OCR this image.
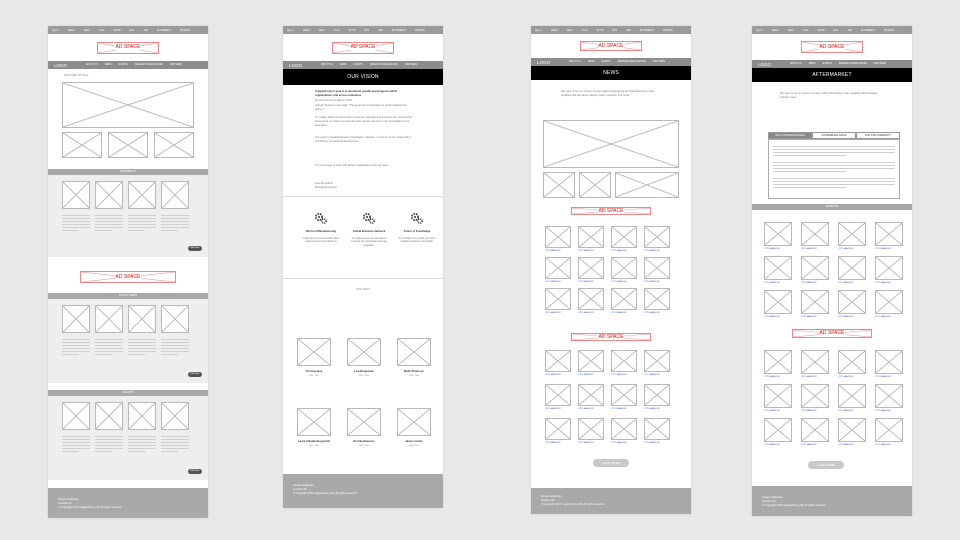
sign in	FREE	SPEC	TALK	SHOP	EVE	JOB	ECOMMENT	PRICING
AD SPACE
LOGO	ABOUT US	NEWS	EVENTS	RESEARCH/RESOURCES	PARTNERS
FEATURED ARTICLE
NEWS/BLOG
VIEW ALL
AD SPACE
LATEST NEWS
VIEW ALL
EVENTS
VIEW ALL
Social media links
Contact info
© Copyright 2019 Copperthorny AB | All rights reserved
sign in	FREE	SPEC	TALK	SHOP	EVE	JOB	ECOMMENT	PRICING
AD SPACE
LOGO	ABOUT US	NEWS	EVENTS	RESEARCH/RESOURCES	PARTNERS
OUR VISION
Copperthorny's goal is to accelerate growth and progress within organisations and across industries.
So how do we actually do that?
Herbert Spencer once said: "The great aim of education is not knowledge but action."
On a daily basis we strive hard to improve, develop and innovate our conferences and events. In order to ensure the best results, we rely on the knowledge of our attendees.
Our event is headquartered in Stockholm, Sweden, in one of our key cities with a rich history of industrial development.
It is a privilege to work with all the organisations that we meet.
Lisa Bergström
Managing Director
OUR TEAM
Social media links
Contact info
© Copyright 2019 Copperthorny AB | All rights reserved
World of Manufacturing
Copperthorny is the specialist within engineering and manufacturing.
Global Business Network
Our global events and specialized meetings give knowledge base and inspiration.
Power of Knowledge
Our ambition is to provide you with a valuable experience and insight.
Thomas Ipsa
CEO, Title
Lisa Bergström
CEO, Title
Malin Petterson
CEO, Title
Laura Claudia Bergström
CEO, Title
Bon Neuhaeuser
CEO, Title
Janne Coulon
CEO, Title
sign in	FREE	SPEC	TALK	SHOP	EVE	JOB	ECOMMENT	PRICING
AD SPACE
LOGO	ABOUT US	NEWS	EVENTS	RESEARCH/RESOURCES	PARTNERS
NEWS
We want to be our source of news within Engineering and Manufacturing. Stay updated with the latest industry news, research and more.
AD SPACE
AD SPACE
LOAD MORE
Social media links
Contact info
© Copyright 2019 Copperthorny AB | All rights reserved
#TITLEARROW	#TITLEARROW	#TITLEARROW	#TITLEARROW
#TITLEARROW	#TITLEARROW	#TITLEARROW	#TITLEARROW
#TITLEARROW	#TITLEARROW	#TITLEARROW	#TITLEARROW
#TITLEARROW	#TITLEARROW	#TITLEARROW	#TITLEARROW
#TITLEARROW	#TITLEARROW	#TITLEARROW	#TITLEARROW
#TITLEARROW	#TITLEARROW	#TITLEARROW	#TITLEARROW
sign in	FREE	SPEC	TALK	SHOP	EVE	JOB	ECOMMENT	PRICING
AD SPACE
LOGO	ABOUT US	NEWS	EVENTS	RESEARCH/RESOURCES	PARTNERS
AFTERMARKET
We want to be our source of news within Aftermarket. Stay updated with the latest industry news.
SOLUTIONS/RESOURCES	CONFERENCE DATES	JOIN THE COMMUNITY
ARTICLES
AD SPACE
LOAD MORE
Social media links
Contact info
© Copyright 2019 Copperthorny AB | All rights reserved
#TITLEARROW	#TITLEARROW	#TITLEARROW	#TITLEARROW
#TITLEARROW	#TITLEARROW	#TITLEARROW	#TITLEARROW
#TITLEARROW	#TITLEARROW	#TITLEARROW	#TITLEARROW
#TITLEARROW	#TITLEARROW	#TITLEARROW	#TITLEARROW
#TITLEARROW	#TITLEARROW	#TITLEARROW	#TITLEARROW
#TITLEARROW	#TITLEARROW	#TITLEARROW	#TITLEARROW
